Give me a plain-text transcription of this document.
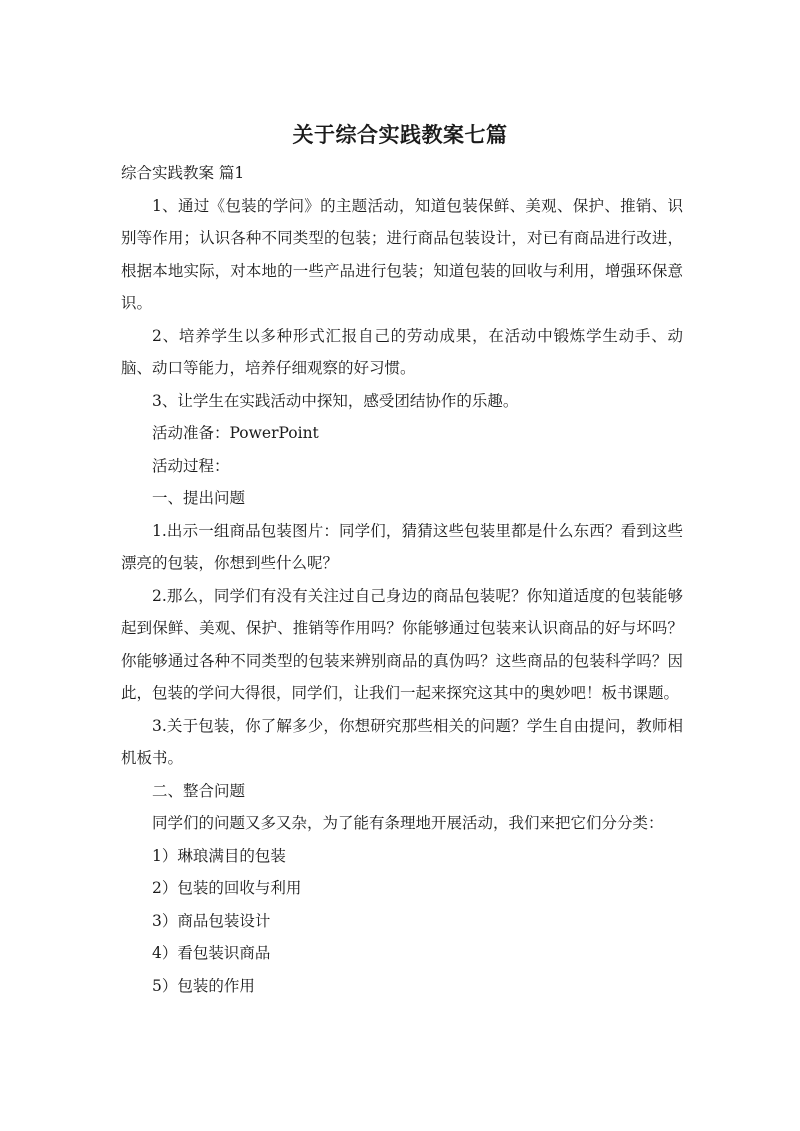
关于综合实践教案七篇

综合实践教案 篇1

1、通过《包装的学问》的主题活动，知道包装保鲜、美观、保护、推销、识别等作用；认识各种不同类型的包装；进行商品包装设计，对已有商品进行改进，根据本地实际，对本地的一些产品进行包装；知道包装的回收与利用，增强环保意识。

2、培养学生以多种形式汇报自己的劳动成果，在活动中锻炼学生动手、动脑、动口等能力，培养仔细观察的好习惯。

3、让学生在实践活动中探知，感受团结协作的乐趣。

活动准备：PowerPoint

活动过程：

一、提出问题

1.出示一组商品包装图片：同学们，猜猜这些包装里都是什么东西？看到这些漂亮的包装，你想到些什么呢？

2.那么，同学们有没有关注过自己身边的商品包装呢？你知道适度的包装能够起到保鲜、美观、保护、推销等作用吗？你能够通过包装来认识商品的好与坏吗？你能够通过各种不同类型的包装来辨别商品的真伪吗？这些商品的包装科学吗？因此，包装的学问大得很，同学们，让我们一起来探究这其中的奥妙吧！板书课题。

3.关于包装，你了解多少，你想研究那些相关的问题？学生自由提问，教师相机板书。

二、整合问题

同学们的问题又多又杂，为了能有条理地开展活动，我们来把它们分分类：

1）琳琅满目的包装

2）包装的回收与利用

3）商品包装设计

4）看包装识商品

5）包装的作用
